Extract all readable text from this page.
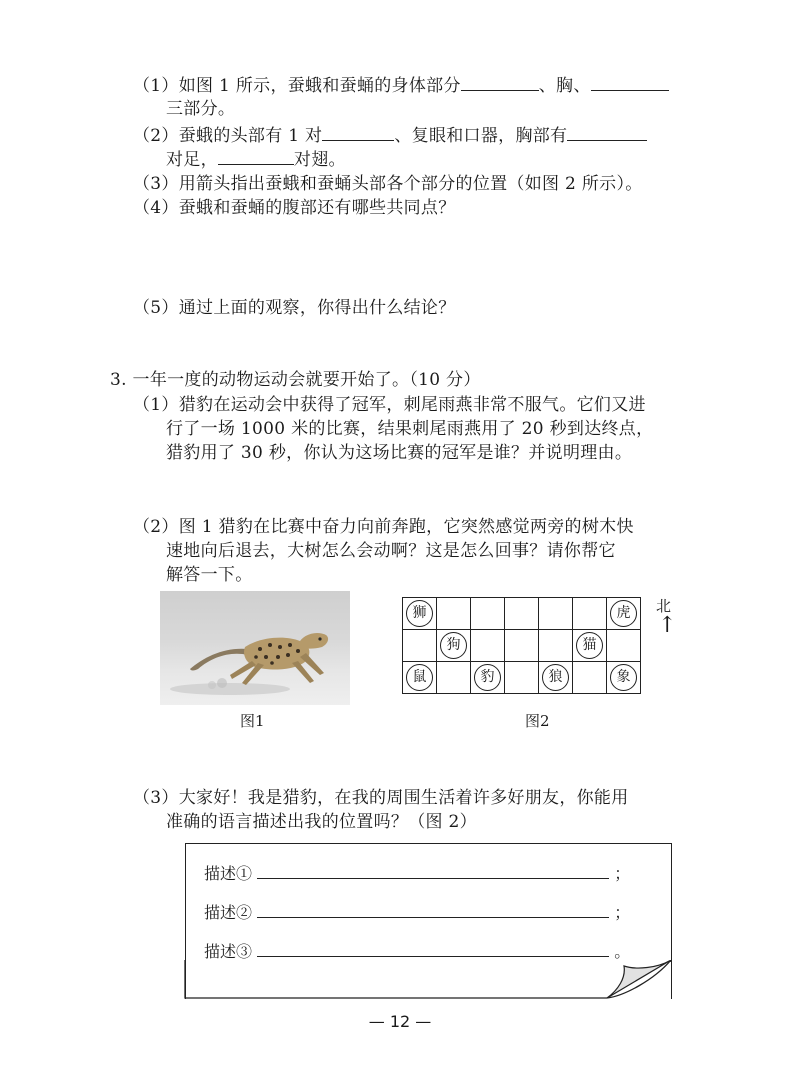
（1）如图 1 所示，蚕蛾和蚕蛹的身体部分	、胸、
三部分。
（2）蚕蛾的头部有 1 对	、复眼和口器，胸部有
对足，	对翅。
（3）用箭头指出蚕蛾和蚕蛹头部各个部分的位置（如图 2 所示）。
（4）蚕蛾和蚕蛹的腹部还有哪些共同点？
（5）通过上面的观察，你得出什么结论？
3. 一年一度的动物运动会就要开始了。（10 分）
（1）猎豹在运动会中获得了冠军，刺尾雨燕非常不服气。它们又进
行了一场 1000 米的比赛，结果刺尾雨燕用了 20 秒到达终点，
猎豹用了 30 秒，你认为这场比赛的冠军是谁？并说明理由。
（2）图 1 猎豹在比赛中奋力向前奔跑，它突然感觉两旁的树木快
速地向后退去，大树怎么会动啊？这是怎么回事？请你帮它
解答一下。
图1
狮						虎
	狗				猫	
鼠		豹		狼		象
北
↑
图2
（3）大家好！我是猎豹，在我的周围生活着许多好朋友，你能用
准确的语言描述出我的位置吗？（图 2）
描述①	；
描述②	；
描述③	。
— 12 —
